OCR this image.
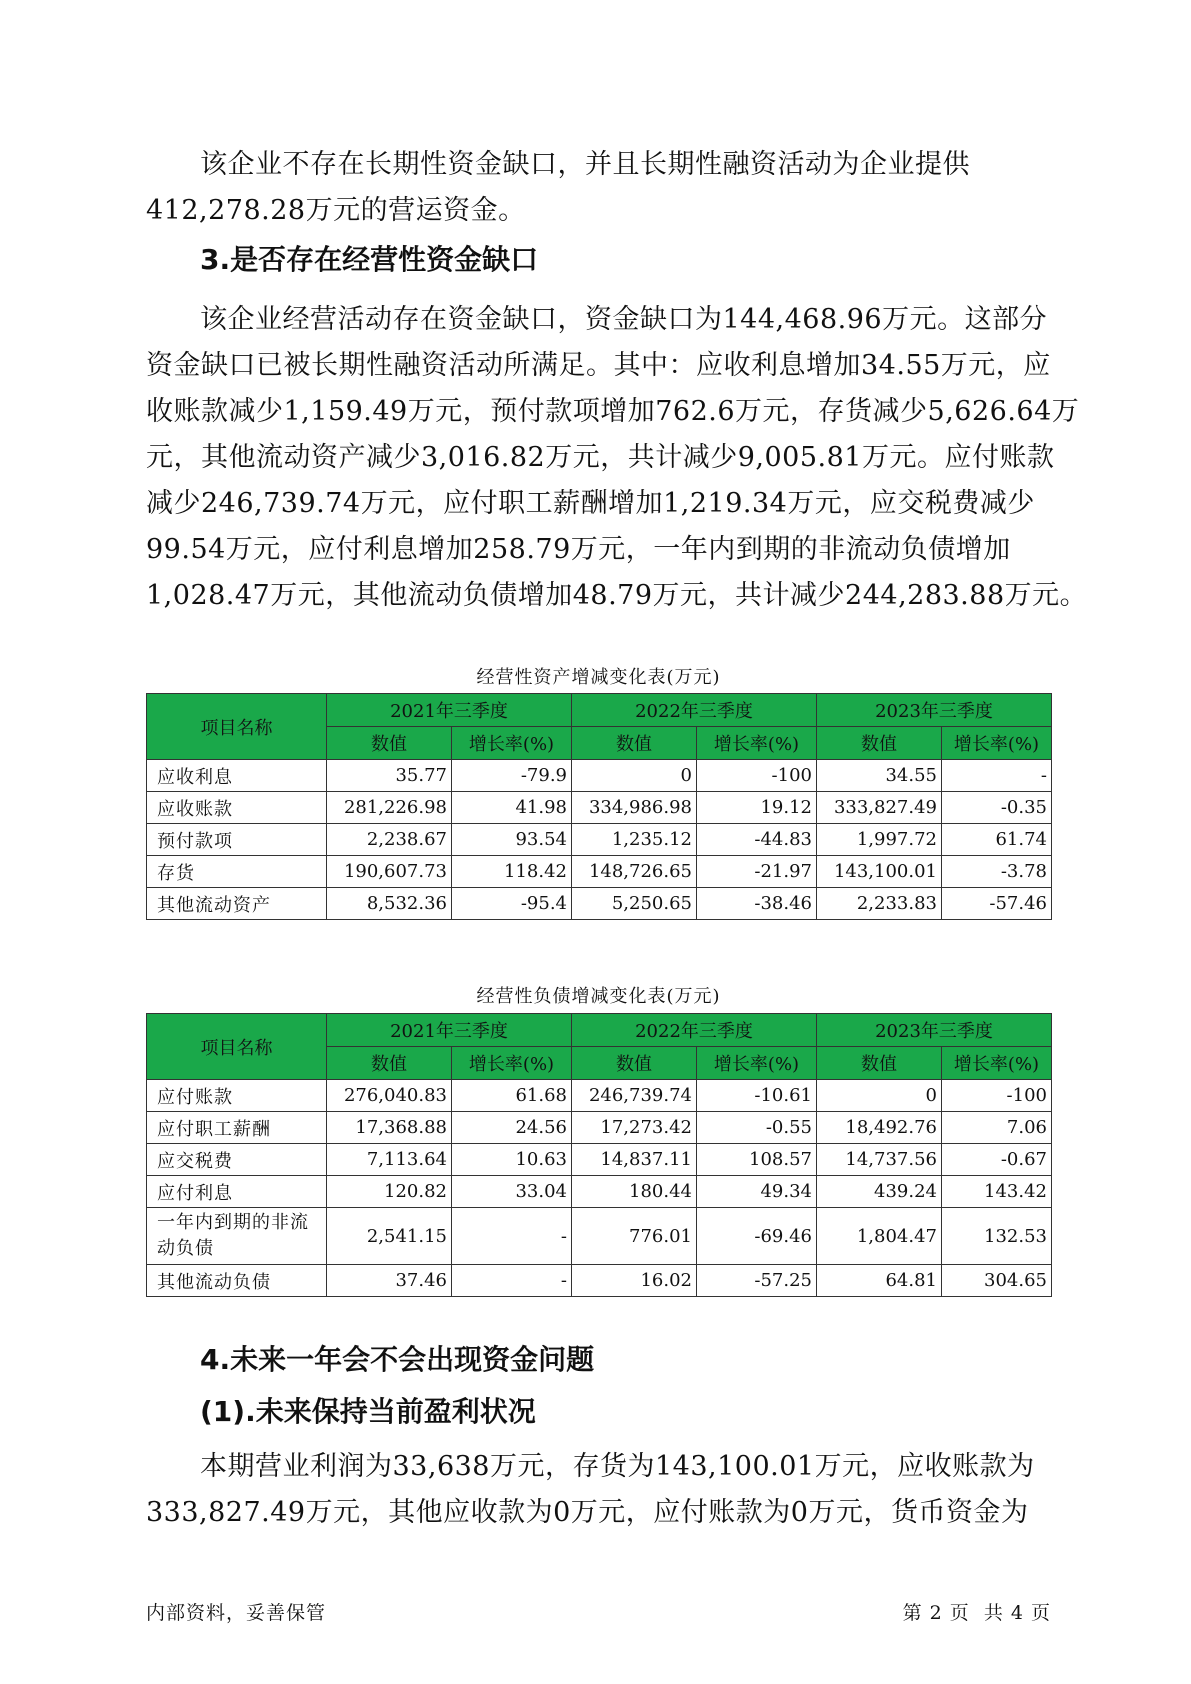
该企业不存在长期性资金缺口，并且长期性融资活动为企业提供
412,278.28万元的营运资金。

3.是否存在经营性资金缺口

该企业经营活动存在资金缺口，资金缺口为144,468.96万元。这部分
资金缺口已被长期性融资活动所满足。其中：应收利息增加34.55万元，应
收账款减少1,159.49万元，预付款项增加762.6万元，存货减少5,626.64万
元，其他流动资产减少3,016.82万元，共计减少9,005.81万元。应付账款
减少246,739.74万元，应付职工薪酬增加1,219.34万元，应交税费减少
99.54万元，应付利息增加258.79万元，一年内到期的非流动负债增加
1,028.47万元，其他流动负债增加48.79万元，共计减少244,283.88万元。

经营性资产增减变化表(万元)

项目名称	2021年三季度		2022年三季度		2023年三季度	
	数值	增长率(%)	数值	增长率(%)	数值	增长率(%)
应收利息	35.77	-79.9	0	-100	34.55	-
应收账款	281,226.98	41.98	334,986.98	19.12	333,827.49	-0.35
预付款项	2,238.67	93.54	1,235.12	-44.83	1,997.72	61.74
存货	190,607.73	118.42	148,726.65	-21.97	143,100.01	-3.78
其他流动资产	8,532.36	-95.4	5,250.65	-38.46	2,233.83	-57.46

经营性负债增减变化表(万元)

项目名称	2021年三季度		2022年三季度		2023年三季度	
	数值	增长率(%)	数值	增长率(%)	数值	增长率(%)
应付账款	276,040.83	61.68	246,739.74	-10.61	0	-100
应付职工薪酬	17,368.88	24.56	17,273.42	-0.55	18,492.76	7.06
应交税费	7,113.64	10.63	14,837.11	108.57	14,737.56	-0.67
应付利息	120.82	33.04	180.44	49.34	439.24	143.42

一年内到期的非流
动负债	2,541.15	-	776.01	-69.46	1,804.47	132.53
其他流动负债	37.46	-	16.02	-57.25	64.81	304.65
4.未来一年会不会出现资金问题
(1).未来保持当前盈利状况

本期营业利润为33,638万元，存货为143,100.01万元，应收账款为
333,827.49万元，其他应收款为0万元，应付账款为0万元，货币资金为

内部资料，妥善保管	第 2 页  共 4 页
